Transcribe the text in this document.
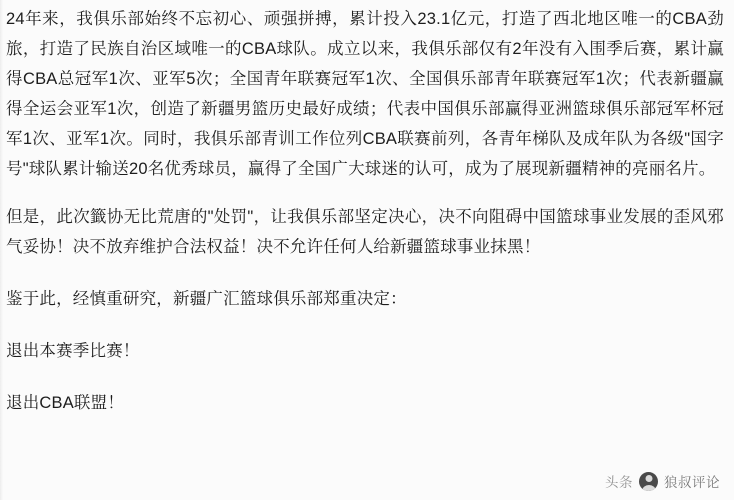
24年来，我俱乐部始终不忘初心、顽强拼搏，累计投入23.1亿元，打造了西北地区唯一的CBA劲旅，打造了民族自治区域唯一的CBA球队。成立以来，我俱乐部仅有2年没有入围季后赛，累计赢得CBA总冠军1次、亚军5次；全国青年联赛冠军1次、全国俱乐部青年联赛冠军1次；代表新疆赢得全运会亚军1次，创造了新疆男篮历史最好成绩；代表中国俱乐部赢得亚洲篮球俱乐部冠军杯冠军1次、亚军1次。同时，我俱乐部青训工作位列CBA联赛前列，各青年梯队及成年队为各级"国字号"球队累计输送20名优秀球员，赢得了全国广大球迷的认可，成为了展现新疆精神的亮丽名片。

但是，此次籤协无比荒唐的"处罚"，让我俱乐部坚定决心，决不向阻碍中国篮球事业发展的歪风邪气妥协！决不放弃维护合法权益！决不允许任何人给新疆篮球事业抹黑！

鉴于此，经慎重研究，新疆广汇篮球俱乐部郑重决定：

退出本赛季比赛！

退出CBA联盟！

头条 狼叔评论
